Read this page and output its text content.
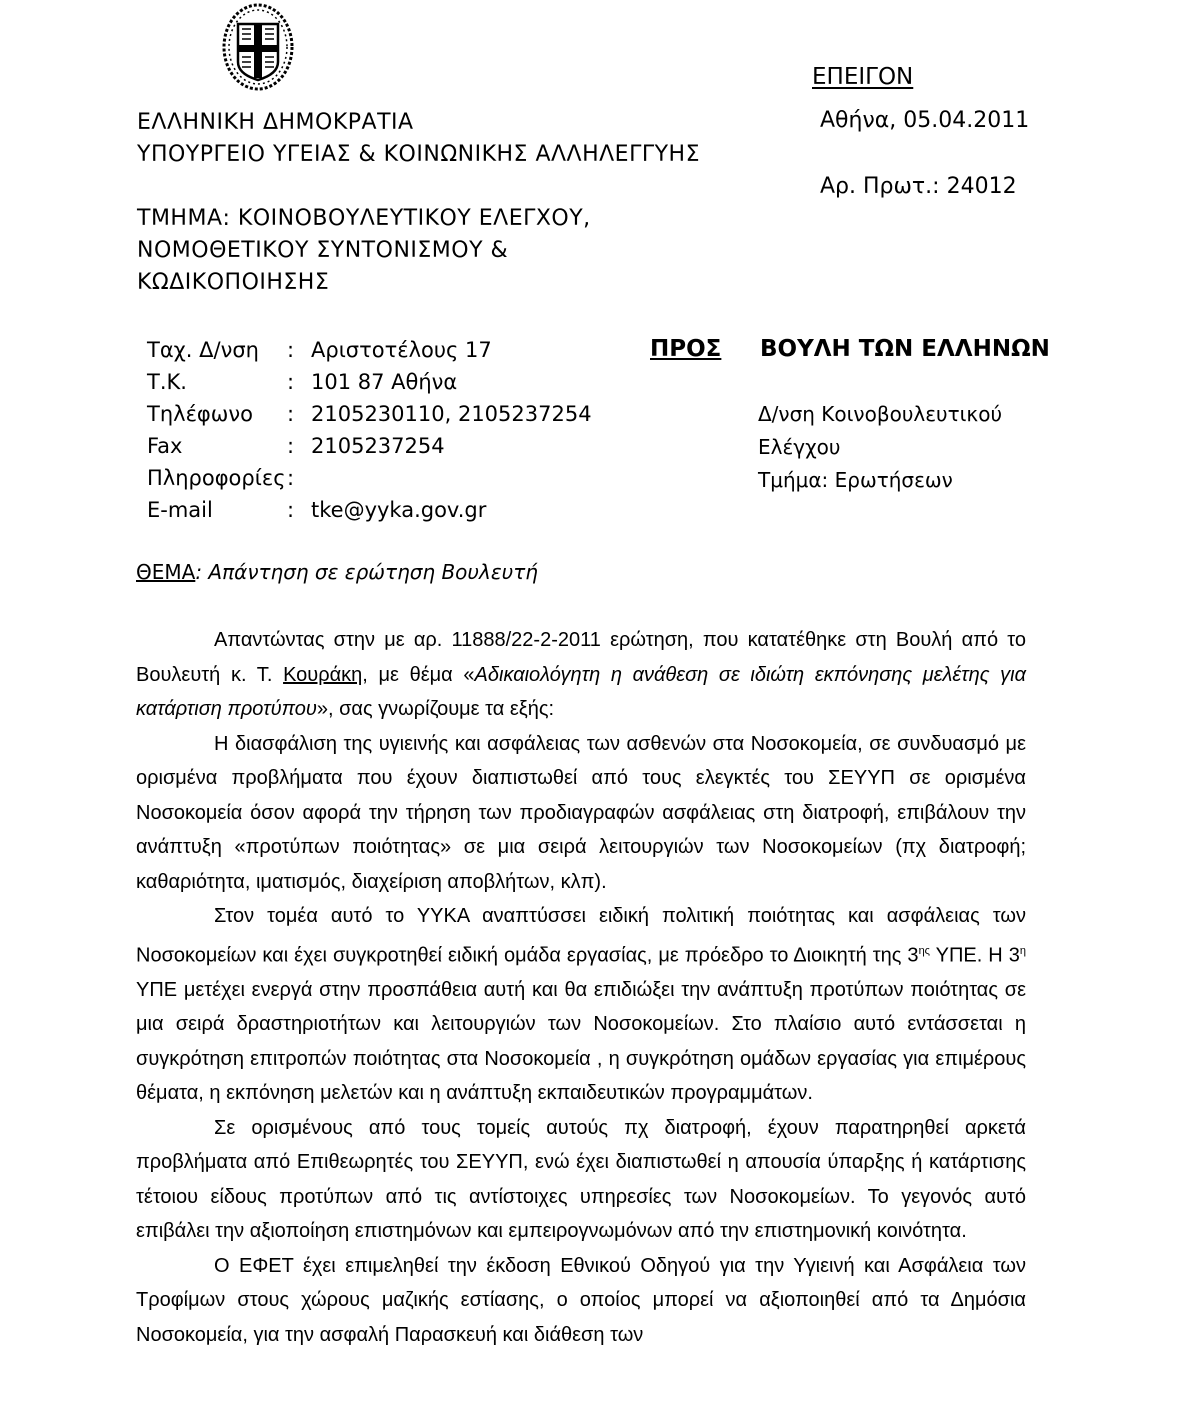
ΕΛΛΗΝΙΚΗ ΔΗΜΟΚΡΑΤΙΑ
ΥΠΟΥΡΓΕΙΟ ΥΓΕΙΑΣ & ΚΟΙΝΩΝΙΚΗΣ ΑΛΛΗΛΕΓΓΥΗΣ
ΤΜΗΜΑ: ΚΟΙΝΟΒΟΥΛΕΥΤΙΚΟΥ ΕΛΕΓΧΟΥ,
ΝΟΜΟΘΕΤΙΚΟΥ ΣΥΝΤΟΝΙΣΜΟΥ &
ΚΩΔΙΚΟΠΟΙΗΣΗΣ
ΕΠΕΙΓΟΝ
Αθήνα, 05.04.2011
Αρ. Πρωτ.: 24012
Ταχ. Δ/νση	: Αριστοτέλους 17
Τ.Κ.	: 101 87 Αθήνα
Τηλέφωνο	: 2105230110, 2105237254
Fax	: 2105237254
Πληροφορίες :
E-mail	: tke@yyka.gov.gr
ΠΡΟΣ ΒΟΥΛΗ ΤΩΝ ΕΛΛΗΝΩΝ
Δ/νση Κοινοβουλευτικού
Ελέγχου
Τμήμα: Ερωτήσεων
ΘΕΜΑ: Απάντηση σε ερώτηση Βουλευτή

Απαντώντας στην με αρ. 11888/22-2-2011 ερώτηση, που κατατέθηκε στη Βουλή από το Βουλευτή κ. Τ. Κουράκη, με θέμα «Αδικαιολόγητη η ανάθεση σε ιδιώτη εκπόνησης μελέτης για κατάρτιση προτύπου», σας γνωρίζουμε τα εξής:

Η διασφάλιση της υγιεινής και ασφάλειας των ασθενών στα Νοσοκομεία, σε συνδυασμό με ορισμένα προβλήματα που έχουν διαπιστωθεί από τους ελεγκτές του ΣΕΥΥΠ σε ορισμένα Νοσοκομεία όσον αφορά την τήρηση των προδιαγραφών ασφάλειας στη διατροφή, επιβάλουν την ανάπτυξη «προτύπων ποιότητας» σε μια σειρά λειτουργιών των Νοσοκομείων (πχ διατροφή; καθαριότητα, ιματισμός, διαχείριση αποβλήτων, κλπ).

Στον τομέα αυτό το ΥΥΚΑ αναπτύσσει ειδική πολιτική ποιότητας και ασφάλειας των Νοσοκομείων και έχει συγκροτηθεί ειδική ομάδα εργασίας, με πρόεδρο το Διοικητή της $3^{\eta\varsigma}$ ΥΠΕ. Η $3^\eta$ ΥΠΕ μετέχει ενεργά στην προσπάθεια αυτή και θα επιδιώξει την ανάπτυξη προτύπων ποιότητας σε μια σειρά δραστηριοτήτων και λειτουργιών των Νοσοκομείων. Στο πλαίσιο αυτό εντάσσεται η συγκρότηση επιτροπών ποιότητας στα Νοσοκομεία , η συγκρότηση ομάδων εργασίας για επιμέρους θέματα, η εκπόνηση μελετών και η ανάπτυξη εκπαιδευτικών προγραμμάτων.

Σε ορισμένους από τους τομείς αυτούς πχ διατροφή, έχουν παρατηρηθεί αρκετά προβλήματα από Επιθεωρητές του ΣΕΥΥΠ, ενώ έχει διαπιστωθεί η απουσία ύπαρξης ή κατάρτισης τέτοιου είδους προτύπων από τις αντίστοιχες υπηρεσίες των Νοσοκομείων. Το γεγονός αυτό επιβάλει την αξιοποίηση επιστημόνων και εμπειρογνωμόνων από την επιστημονική κοινότητα.

Ο ΕΦΕΤ έχει επιμεληθεί την έκδοση Εθνικού Οδηγού για την Υγιεινή και Ασφάλεια των Τροφίμων στους χώρους μαζικής εστίασης, ο οποίος μπορεί να αξιοποιηθεί από τα Δημόσια Νοσοκομεία, για την ασφαλή Παρασκευή και διάθεση των
